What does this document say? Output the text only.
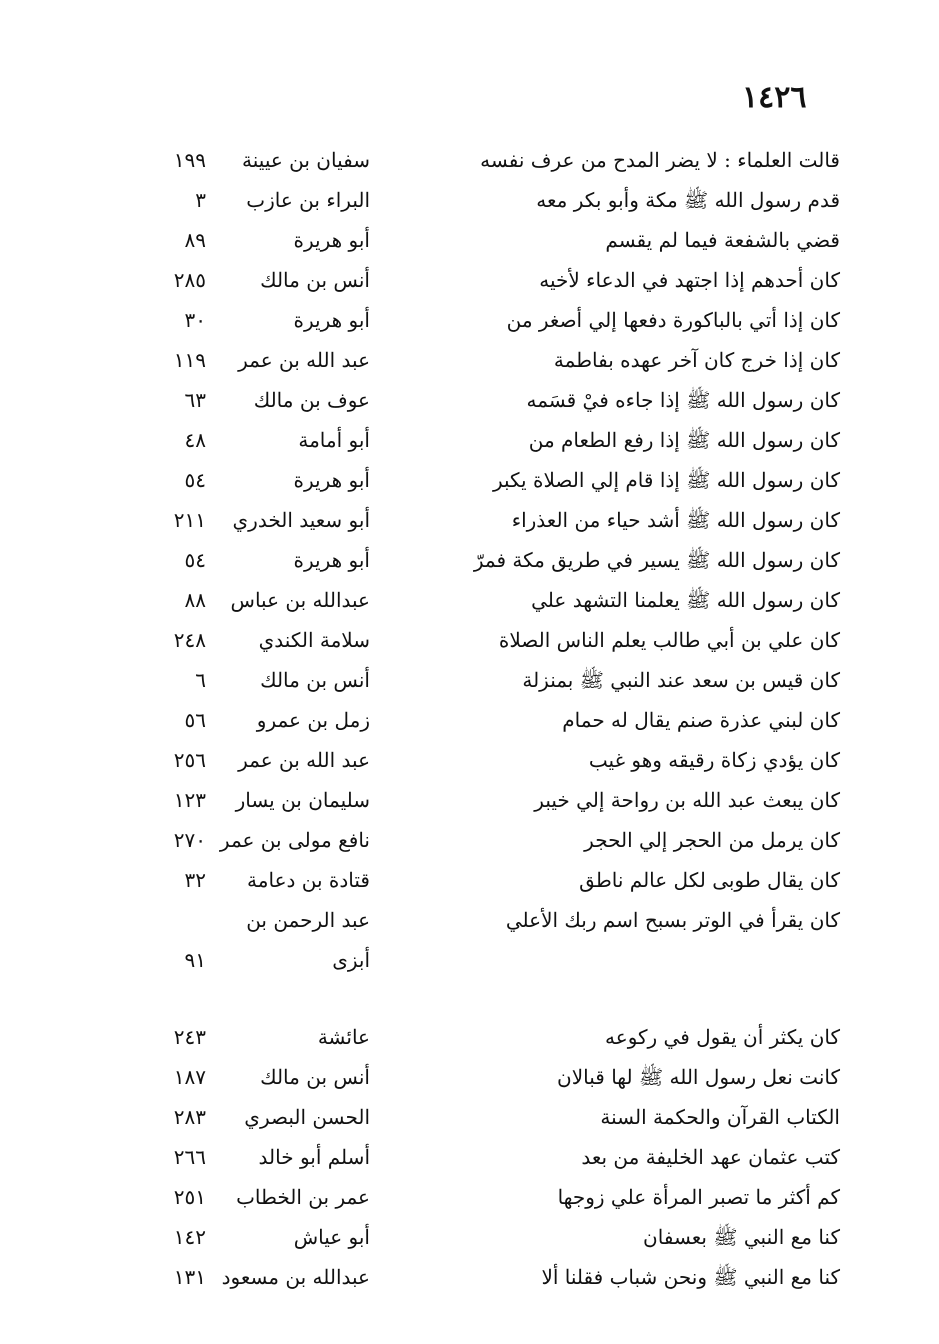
١٤٢٦
قالت العلماء : لا يضر المدح من عرف نفسه
سفيان بن عيينة
١٩٩
قدم رسول الله ﷺ مكة وأبو بكر معه
البراء بن عازب
٣
قضي بالشفعة فيما لم يقسم
أبو هريرة
٨٩
كان أحدهم إذا اجتهد في الدعاء لأخيه
أنس بن مالك
٢٨٥
كان إذا أتي بالباكورة دفعها إلي أصغر من
أبو هريرة
٣٠
كان إذا خرج كان آخر عهده بفاطمة
عبد الله بن عمر
١١٩
كان رسول الله ﷺ إذا جاءه فيْ قسَمه
عوف بن مالك
٦٣
كان رسول الله ﷺ إذا رفع الطعام من
أبو أمامة
٤٨
كان رسول الله ﷺ إذا قام إلي الصلاة يكبر
أبو هريرة
٥٤
كان رسول الله ﷺ أشد حياء من العذراء
أبو سعيد الخدري
٢١١
كان رسول الله ﷺ يسير في طريق مكة فمرّ
أبو هريرة
٥٤
كان رسول الله ﷺ يعلمنا التشهد علي
عبدالله بن عباس
٨٨
كان علي بن أبي طالب يعلم الناس الصلاة
سلامة الكندي
٢٤٨
كان قيس بن سعد عند النبي ﷺ بمنزلة
أنس بن مالك
٦
كان لبني عذرة صنم يقال له حمام
زمل بن عمرو
٥٦
كان يؤدي زكاة رقيقه وهو غيب
عبد الله بن عمر
٢٥٦
كان يبعث عبد الله بن رواحة إلي خيبر
سليمان بن يسار
١٢٣
كان يرمل من الحجر إلي الحجر
نافع مولى بن عمر
٢٧٠
كان يقال طوبى لكل عالم ناطق
قتادة بن دعامة
٣٢
كان يقرأ في الوتر بسبح اسم ربك الأعلي
عبد الرحمن بن
أبزى
٩١
كان يكثر أن يقول في ركوعه
عائشة
٢٤٣
كانت نعل رسول الله ﷺ لها قبالان
أنس بن مالك
١٨٧
الكتاب القرآن والحكمة السنة
الحسن البصري
٢٨٣
كتب عثمان عهد الخليفة من بعد
أسلم أبو خالد
٢٦٦
كم أكثر ما تصبر المرأة علي زوجها
عمر بن الخطاب
٢٥١
كنا مع النبي ﷺ بعسفان
أبو عياش
١٤٢
كنا مع النبي ﷺ ونحن شباب فقلنا ألا
عبدالله بن مسعود
١٣١
